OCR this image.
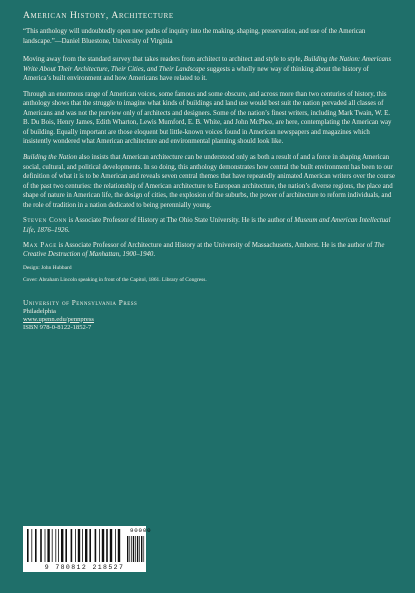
American History, Architecture

“This anthology will undoubtedly open new paths of inquiry into the making, shaping, preservation, and use of the American landscape.”—Daniel Bluestone, University of Virginia

Moving away from the standard survey that takes readers from architect to architect and style to style, Building the Nation: Americans Write About Their Architecture, Their Cities, and Their Landscape suggests a wholly new way of thinking about the history of America’s built environment and how Americans have related to it.

Through an enormous range of American voices, some famous and some obscure, and across more than two centuries of history, this anthology shows that the struggle to imagine what kinds of buildings and land use would best suit the nation pervaded all classes of Americans and was not the purview only of architects and designers. Some of the nation’s finest writers, including Mark Twain, W. E. B. Du Bois, Henry James, Edith Wharton, Lewis Mumford, E. B. White, and John McPhee, are here, contemplating the American way of building. Equally important are those eloquent but little-known voices found in American newspapers and magazines which insistently wondered what American architecture and environmental planning should look like.

Building the Nation also insists that American architecture can be understood only as both a result of and a force in shaping American social, cultural, and political developments. In so doing, this anthology demonstrates how central the built environment has been to our definition of what it is to be American and reveals seven central themes that have repeatedly animated American writers over the course of the past two centuries: the relationship of American architecture to European architecture, the nation’s diverse regions, the place and shape of nature in American life, the design of cities, the explosion of the suburbs, the power of architecture to reform individuals, and the role of tradition in a nation dedicated to being perennially young.

Steven Conn is Associate Professor of History at The Ohio State University. He is the author of Museum and American Intellectual Life, 1876–1926.

Max Page is Associate Professor of Architecture and History at the University of Massachusetts, Amherst. He is the author of The Creative Destruction of Manhattan, 1900–1940.

Design: John Hubbard

Cover: Abraham Lincoln speaking in front of the Capitol, 1861. Library of Congress.

University of Pennsylvania Press
Philadelphia
www.upenn.edu/pennpress
ISBN 978-0-8122-1852-7
90000
9 780812 218527
